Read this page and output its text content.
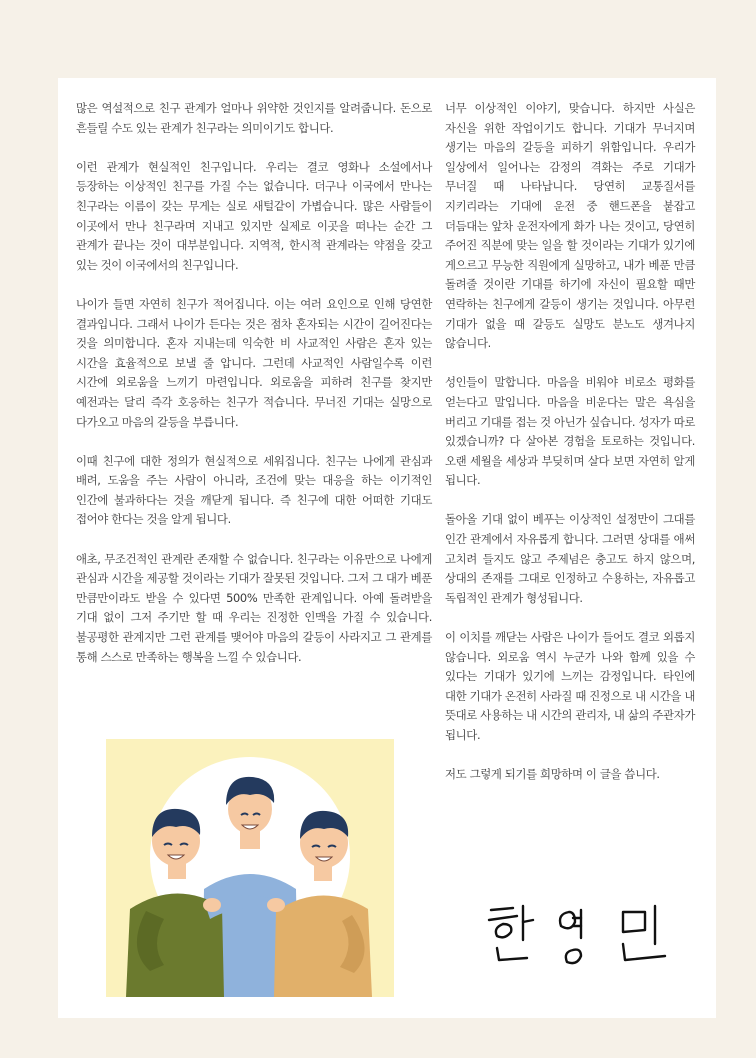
많은 역설적으로 친구 관계가 얼마나 위약한 것인지를 알려줍니다. 돈으로 흔들릴 수도 있는 관계가 친구라는 의미이기도 합니다.

이런 관계가 현실적인 친구입니다. 우리는 결코 영화나 소설에서나 등장하는 이상적인 친구를 가질 수는 없습니다. 더구나 이국에서 만나는 친구라는 이름이 갖는 무게는 실로 새털같이 가볍습니다. 많은 사람들이 이곳에서 만나 친구라며 지내고 있지만 실제로 이곳을 떠나는 순간 그 관계가 끝나는 것이 대부분입니다. 지역적, 한시적 관계라는 약점을 갖고 있는 것이 이국에서의 친구입니다.

나이가 들면 자연히 친구가 적어집니다. 이는 여러 요인으로 인해 당연한 결과입니다. 그래서 나이가 든다는 것은 점차 혼자되는 시간이 길어진다는 것을 의미합니다. 혼자 지내는데 익숙한 비 사교적인 사람은 혼자 있는 시간을 효율적으로 보낼 줄 압니다. 그런데 사교적인 사람일수록 이런 시간에 외로움을 느끼기 마련입니다. 외로움을 피하려 친구를 찾지만 예전과는 달리 즉각 호응하는 친구가 적습니다. 무너진 기대는 실망으로 다가오고 마음의 갈등을 부릅니다.

이때 친구에 대한 정의가 현실적으로 세워집니다. 친구는 나에게 관심과 배려, 도움을 주는 사람이 아니라, 조건에 맞는 대응을 하는 이기적인 인간에 불과하다는 것을 깨닫게 됩니다. 즉 친구에 대한 어떠한 기대도 접어야 한다는 것을 알게 됩니다.

애초, 무조건적인 관계란 존재할 수 없습니다. 친구라는 이유만으로 나에게 관심과 시간을 제공할 것이라는 기대가 잘못된 것입니다. 그저 그 대가 베푼 만큼만이라도 받을 수 있다면 500% 만족한 관계입니다. 아예 돌려받을 기대 없이 그저 주기만 할 때 우리는 진정한 인맥을 가질 수 있습니다. 불공평한 관계지만 그런 관계를 맺어야 마음의 갈등이 사라지고 그 관계를 통해 스스로 만족하는 행복을 느낄 수 있습니다.

너무 이상적인 이야기, 맞습니다. 하지만 사실은 자신을 위한 작업이기도 합니다. 기대가 무너지며 생기는 마음의 갈등을 피하기 위함입니다. 우리가 일상에서 일어나는 감정의 격화는 주로 기대가 무너질 때 나타납니다. 당연히 교통질서를 지키리라는 기대에 운전 중 핸드폰을 붙잡고 더듬대는 앞차 운전자에게 화가 나는 것이고, 당연히 주어진 직분에 맞는 일을 할 것이라는 기대가 있기에 게으르고 무능한 직원에게 실망하고, 내가 베푼 만큼 돌려줄 것이란 기대를 하기에 자신이 필요할 때만 연락하는 친구에게 갈등이 생기는 것입니다. 아무런 기대가 없을 때 갈등도 실망도 분노도 생겨나지 않습니다.

성인들이 말합니다. 마음을 비워야 비로소 평화를 얻는다고 말입니다. 마음을 비운다는 말은 욕심을 버리고 기대를 접는 것 아닌가 싶습니다. 성자가 따로 있겠습니까? 다 살아본 경험을 토로하는 것입니다. 오랜 세월을 세상과 부딪히며 살다 보면 자연히 알게 됩니다.

돌아올 기대 없이 베푸는 이상적인 설정만이 그대를 인간 관계에서 자유롭게 합니다. 그러면 상대를 애써 고치려 들지도 않고 주제넘은 충고도 하지 않으며, 상대의 존재를 그대로 인정하고 수용하는, 자유롭고 독립적인 관계가 형성됩니다.

이 이치를 깨닫는 사람은 나이가 들어도 결코 외롭지 않습니다. 외로움 역시 누군가 나와 함께 있을 수 있다는 기대가 있기에 느끼는 감정입니다. 타인에 대한 기대가 온전히 사라질 때 진정으로 내 시간을 내 뜻대로 사용하는 내 시간의 관리자, 내 삶의 주관자가 됩니다.

저도 그렇게 되기를 희망하며 이 글을 씁니다.
